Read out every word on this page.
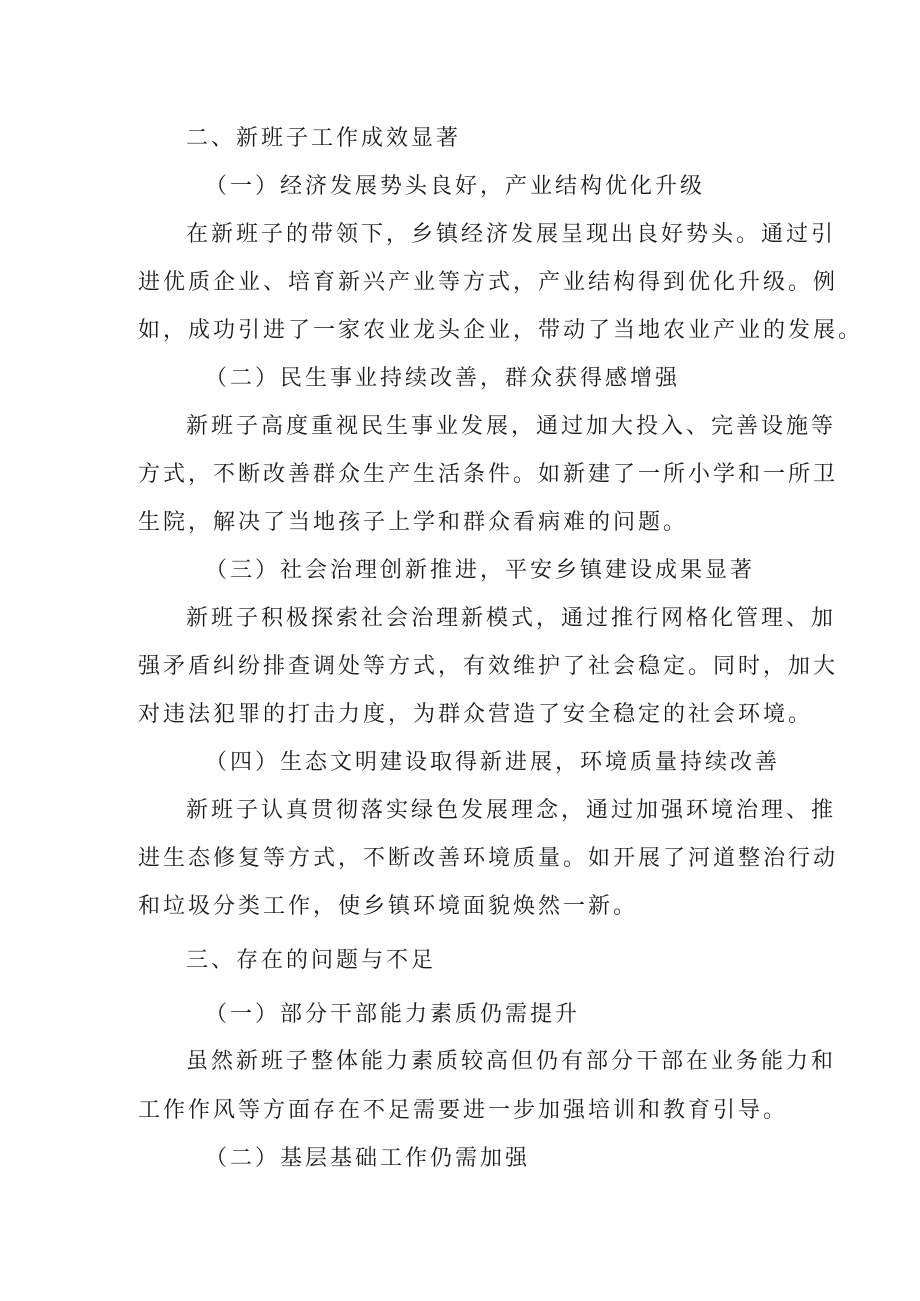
二、新班子工作成效显著
（一）经济发展势头良好，产业结构优化升级
在新班子的带领下，乡镇经济发展呈现出良好势头。通过引
进优质企业、培育新兴产业等方式，产业结构得到优化升级。例
如，成功引进了一家农业龙头企业，带动了当地农业产业的发展。
（二）民生事业持续改善，群众获得感增强
新班子高度重视民生事业发展，通过加大投入、完善设施等
方式，不断改善群众生产生活条件。如新建了一所小学和一所卫
生院，解决了当地孩子上学和群众看病难的问题。
（三）社会治理创新推进，平安乡镇建设成果显著
新班子积极探索社会治理新模式，通过推行网格化管理、加
强矛盾纠纷排查调处等方式，有效维护了社会稳定。同时，加大
对违法犯罪的打击力度，为群众营造了安全稳定的社会环境。
（四）生态文明建设取得新进展，环境质量持续改善
新班子认真贯彻落实绿色发展理念，通过加强环境治理、推
进生态修复等方式，不断改善环境质量。如开展了河道整治行动
和垃圾分类工作，使乡镇环境面貌焕然一新。
三、存在的问题与不足
（一）部分干部能力素质仍需提升
虽然新班子整体能力素质较高但仍有部分干部在业务能力和
工作作风等方面存在不足需要进一步加强培训和教育引导。
（二）基层基础工作仍需加强
